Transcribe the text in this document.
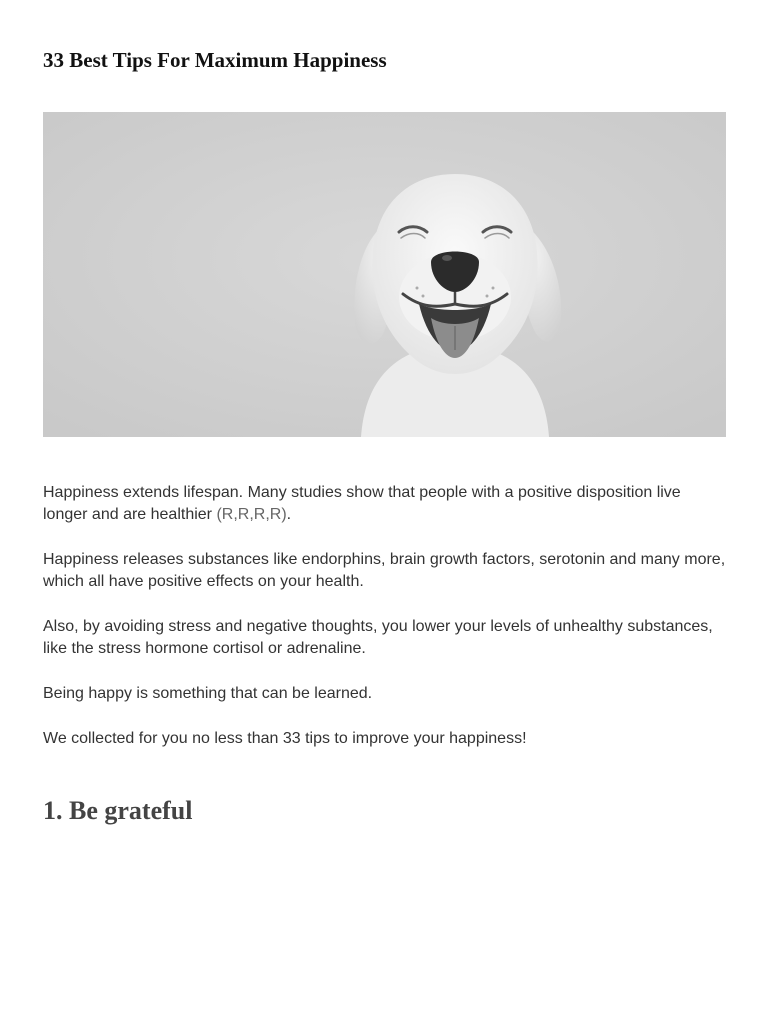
33 Best Tips For Maximum Happiness

Happiness extends lifespan. Many studies show that people with a positive disposition live longer and are healthier (R,R,R,R).

Happiness releases substances like endorphins, brain growth factors, serotonin and many more, which all have positive effects on your health.

Also, by avoiding stress and negative thoughts, you lower your levels of unhealthy substances, like the stress hormone cortisol or adrenaline.

Being happy is something that can be learned.

We collected for you no less than 33 tips to improve your happiness!

1. Be grateful
